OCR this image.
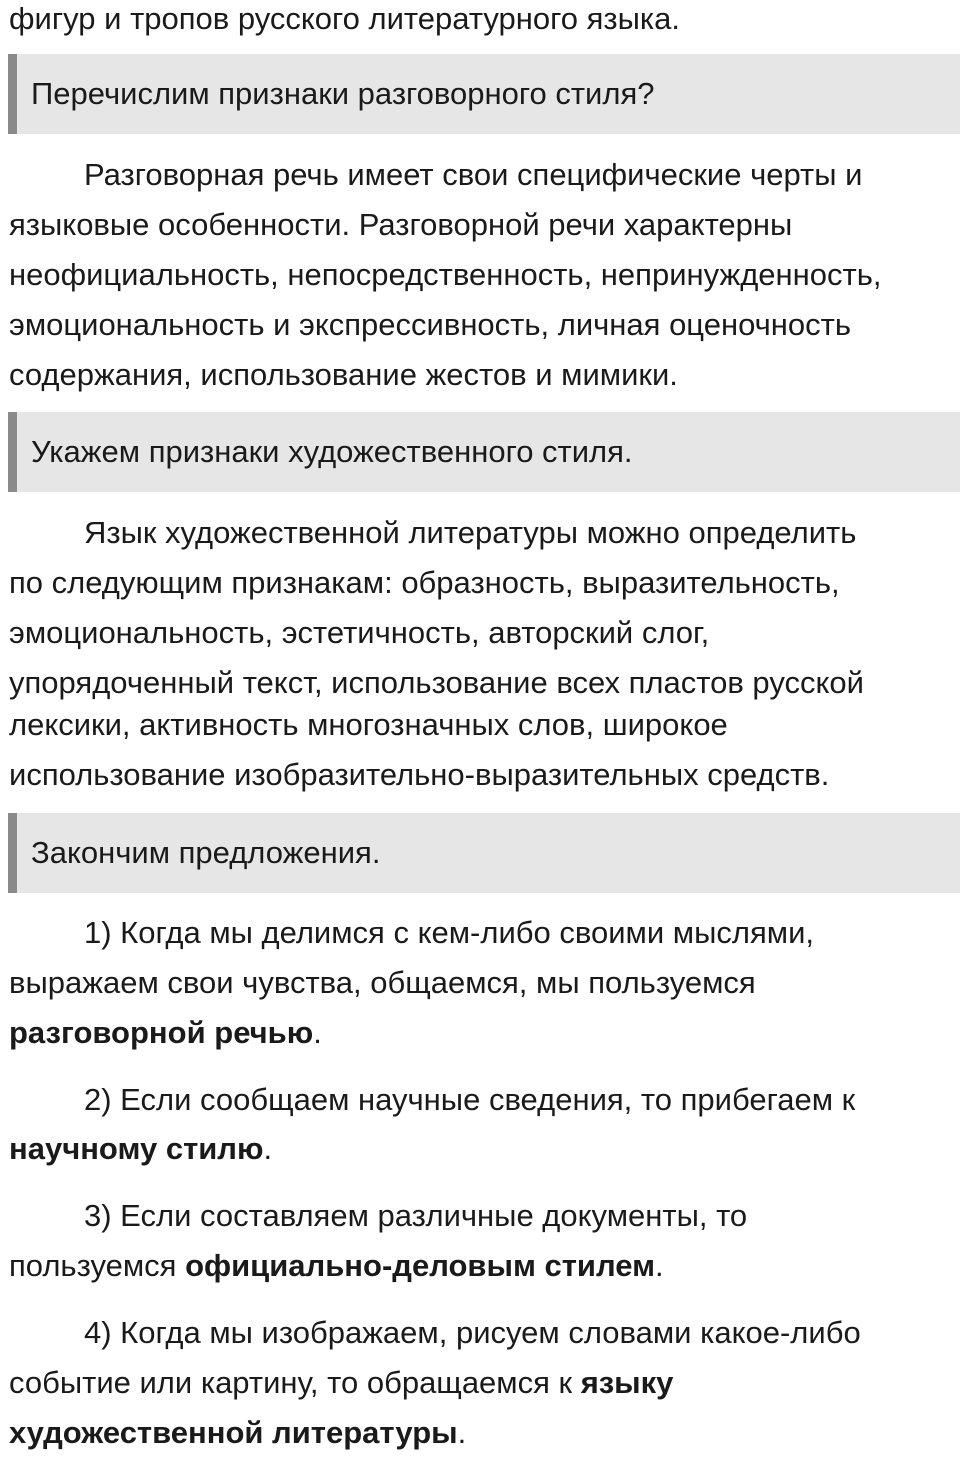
фигур и тропов русского литературного языка.
Перечислим признаки разговорного стиля?
Разговорная речь имеет свои специфические черты и
языковые особенности. Разговорной речи характерны
неофициальность, непосредственность, непринужденность,
эмоциональность и экспрессивность, личная оценочность
содержания, использование жестов и мимики.
Укажем признаки художественного стиля.
Язык художественной литературы можно определить
по следующим признакам: образность, выразительность,
эмоциональность, эстетичность, авторский слог,
упорядоченный текст, использование всех пластов русской
лексики, активность многозначных слов, широкое
использование изобразительно-выразительных средств.
Закончим предложения.
1) Когда мы делимся с кем-либо своими мыслями,
выражаем свои чувства, общаемся, мы пользуемся
разговорной речью.
2) Если сообщаем научные сведения, то прибегаем к
научному стилю.
3) Если составляем различные документы, то
пользуемся официально-деловым стилем.
4) Когда мы изображаем, рисуем словами какое-либо
событие или картину, то обращаемся к языку
художественной литературы.
